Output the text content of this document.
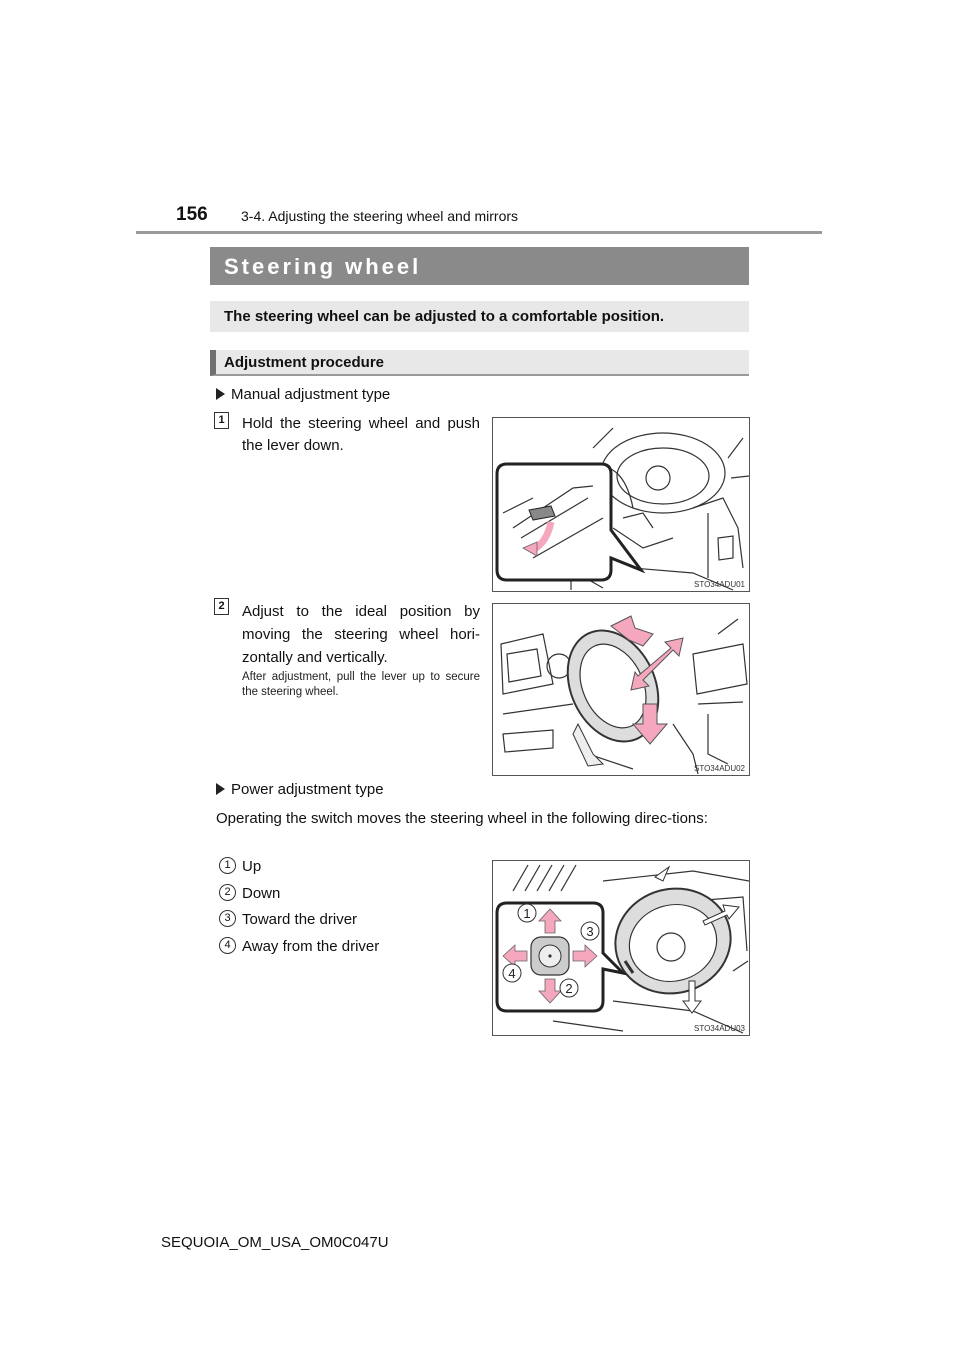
156 3-4. Adjusting the steering wheel and mirrors
Steering wheel
The steering wheel can be adjusted to a comfortable position.
Adjustment procedure
Manual adjustment type
1 Hold the steering wheel and push the lever down.
STO34ADU01
2 Adjust to the ideal position by moving the steering wheel hori-zontally and vertically.
After adjustment, pull the lever up to secure the steering wheel.
STO34ADU02
Power adjustment type
Operating the switch moves the steering wheel in the following direc-tions:
1 Up
2 Down
3 Toward the driver
4 Away from the driver
1
2
3
4
STO34ADU03
SEQUOIA_OM_USA_OM0C047U
